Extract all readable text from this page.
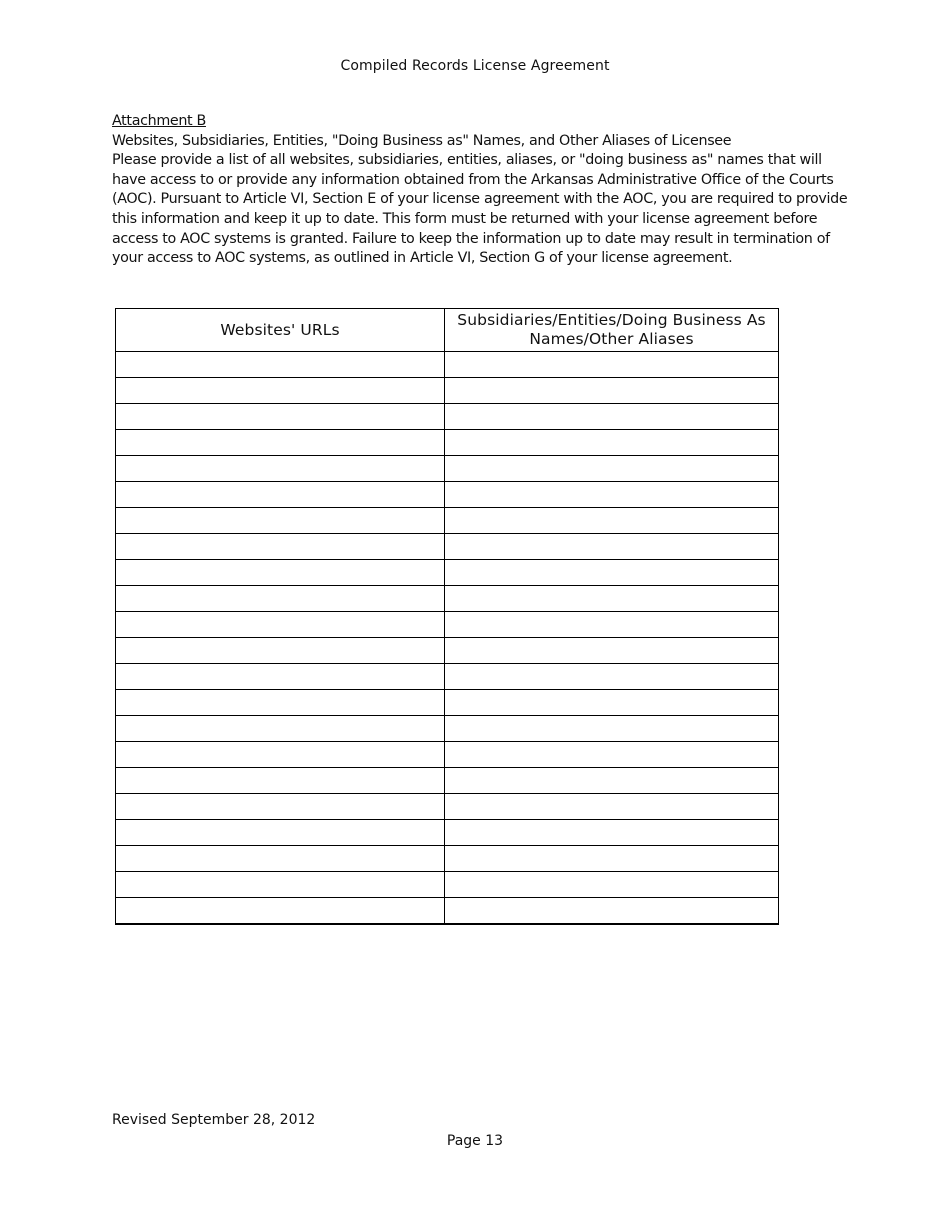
Compiled Records License Agreement
Attachment B
Websites, Subsidiaries, Entities, "Doing Business as" Names, and Other Aliases of Licensee
Please provide a list of all websites, subsidiaries, entities, aliases, or "doing business as" names that will have access to or provide any information obtained from the Arkansas Administrative Office of the Courts (AOC). Pursuant to Article VI, Section E of your license agreement with the AOC, you are required to provide this information and keep it up to date. This form must be returned with your license agreement before access to AOC systems is granted. Failure to keep the information up to date may result in termination of your access to AOC systems, as outlined in Article VI, Section G of your license agreement.
Websites' URLs	Subsidiaries/Entities/Doing Business As Names/Other Aliases

Revised September 28, 2012
Page 13
